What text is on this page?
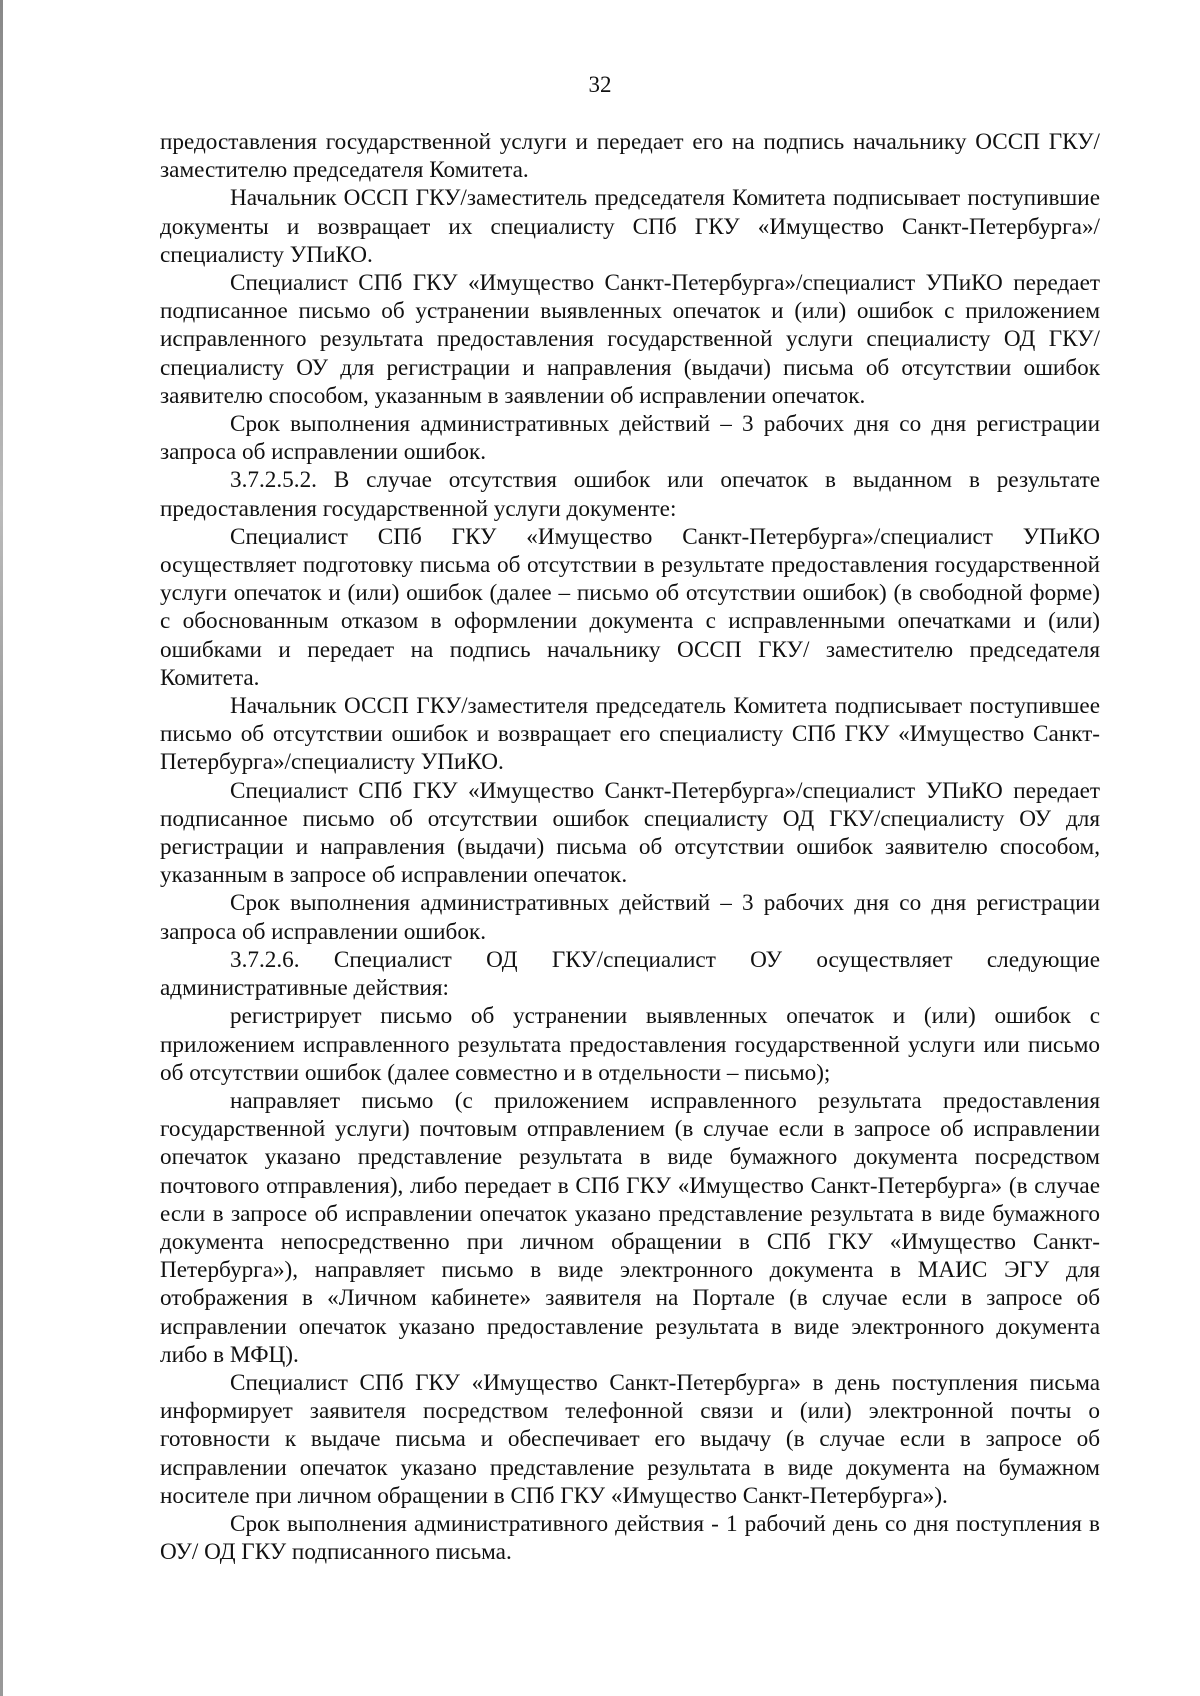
32

предоставления государственной услуги и передает его на подпись начальнику ОССП ГКУ/заместителю председателя Комитета.

Начальник ОССП ГКУ/заместитель председателя Комитета подписывает поступившие документы и возвращает их специалисту СПб ГКУ «Имущество Санкт-Петербурга»/специалисту УПиКО.

Специалист СПб ГКУ «Имущество Санкт-Петербурга»/специалист УПиКО передает подписанное письмо об устранении выявленных опечаток и (или) ошибок с приложением исправленного результата предоставления государственной услуги специалисту ОД ГКУ/специалисту ОУ для регистрации и направления (выдачи) письма об отсутствии ошибок заявителю способом, указанным в заявлении об исправлении опечаток.

Срок выполнения административных действий – 3 рабочих дня со дня регистрации запроса об исправлении ошибок.

3.7.2.5.2. В случае отсутствия ошибок или опечаток в выданном в результате предоставления государственной услуги документе:

Специалист СПб ГКУ «Имущество Санкт-Петербурга»/специалист УПиКО осуществляет подготовку письма об отсутствии в результате предоставления государственной услуги опечаток и (или) ошибок (далее – письмо об отсутствии ошибок) (в свободной форме) с обоснованным отказом в оформлении документа с исправленными опечатками и (или) ошибками и передает на подпись начальнику ОССП ГКУ/ заместителю председателя Комитета.

Начальник ОССП ГКУ/заместителя председатель Комитета подписывает поступившее письмо об отсутствии ошибок и возвращает его специалисту СПб ГКУ «Имущество Санкт-Петербурга»/специалисту УПиКО.

Специалист СПб ГКУ «Имущество Санкт-Петербурга»/специалист УПиКО передает подписанное письмо об отсутствии ошибок специалисту ОД ГКУ/специалисту ОУ для регистрации и направления (выдачи) письма об отсутствии ошибок заявителю способом, указанным в запросе об исправлении опечаток.

Срок выполнения административных действий – 3 рабочих дня со дня регистрации запроса об исправлении ошибок.

3.7.2.6. Специалист ОД ГКУ/специалист ОУ осуществляет следующие административные действия:

регистрирует письмо об устранении выявленных опечаток и (или) ошибок с приложением исправленного результата предоставления государственной услуги или письмо об отсутствии ошибок (далее совместно и в отдельности – письмо);

направляет письмо (с приложением исправленного результата предоставления государственной услуги) почтовым отправлением (в случае если в запросе об исправлении опечаток указано представление результата в виде бумажного документа посредством почтового отправления), либо передает в СПб ГКУ «Имущество Санкт-Петербурга» (в случае если в запросе об исправлении опечаток указано представление результата в виде бумажного документа непосредственно при личном обращении в СПб ГКУ «Имущество Санкт-Петербурга»), направляет письмо в виде электронного документа в МАИС ЭГУ для отображения в «Личном кабинете» заявителя на Портале (в случае если в запросе об исправлении опечаток указано предоставление результата в виде электронного документа либо в МФЦ).

Специалист СПб ГКУ «Имущество Санкт-Петербурга» в день поступления письма информирует заявителя посредством телефонной связи и (или) электронной почты о готовности к выдаче письма и обеспечивает его выдачу (в случае если в запросе об исправлении опечаток указано представление результата в виде документа на бумажном носителе при личном обращении в СПб ГКУ «Имущество Санкт-Петербурга»).

Срок выполнения административного действия - 1 рабочий день со дня поступления в ОУ/ ОД ГКУ подписанного письма.
